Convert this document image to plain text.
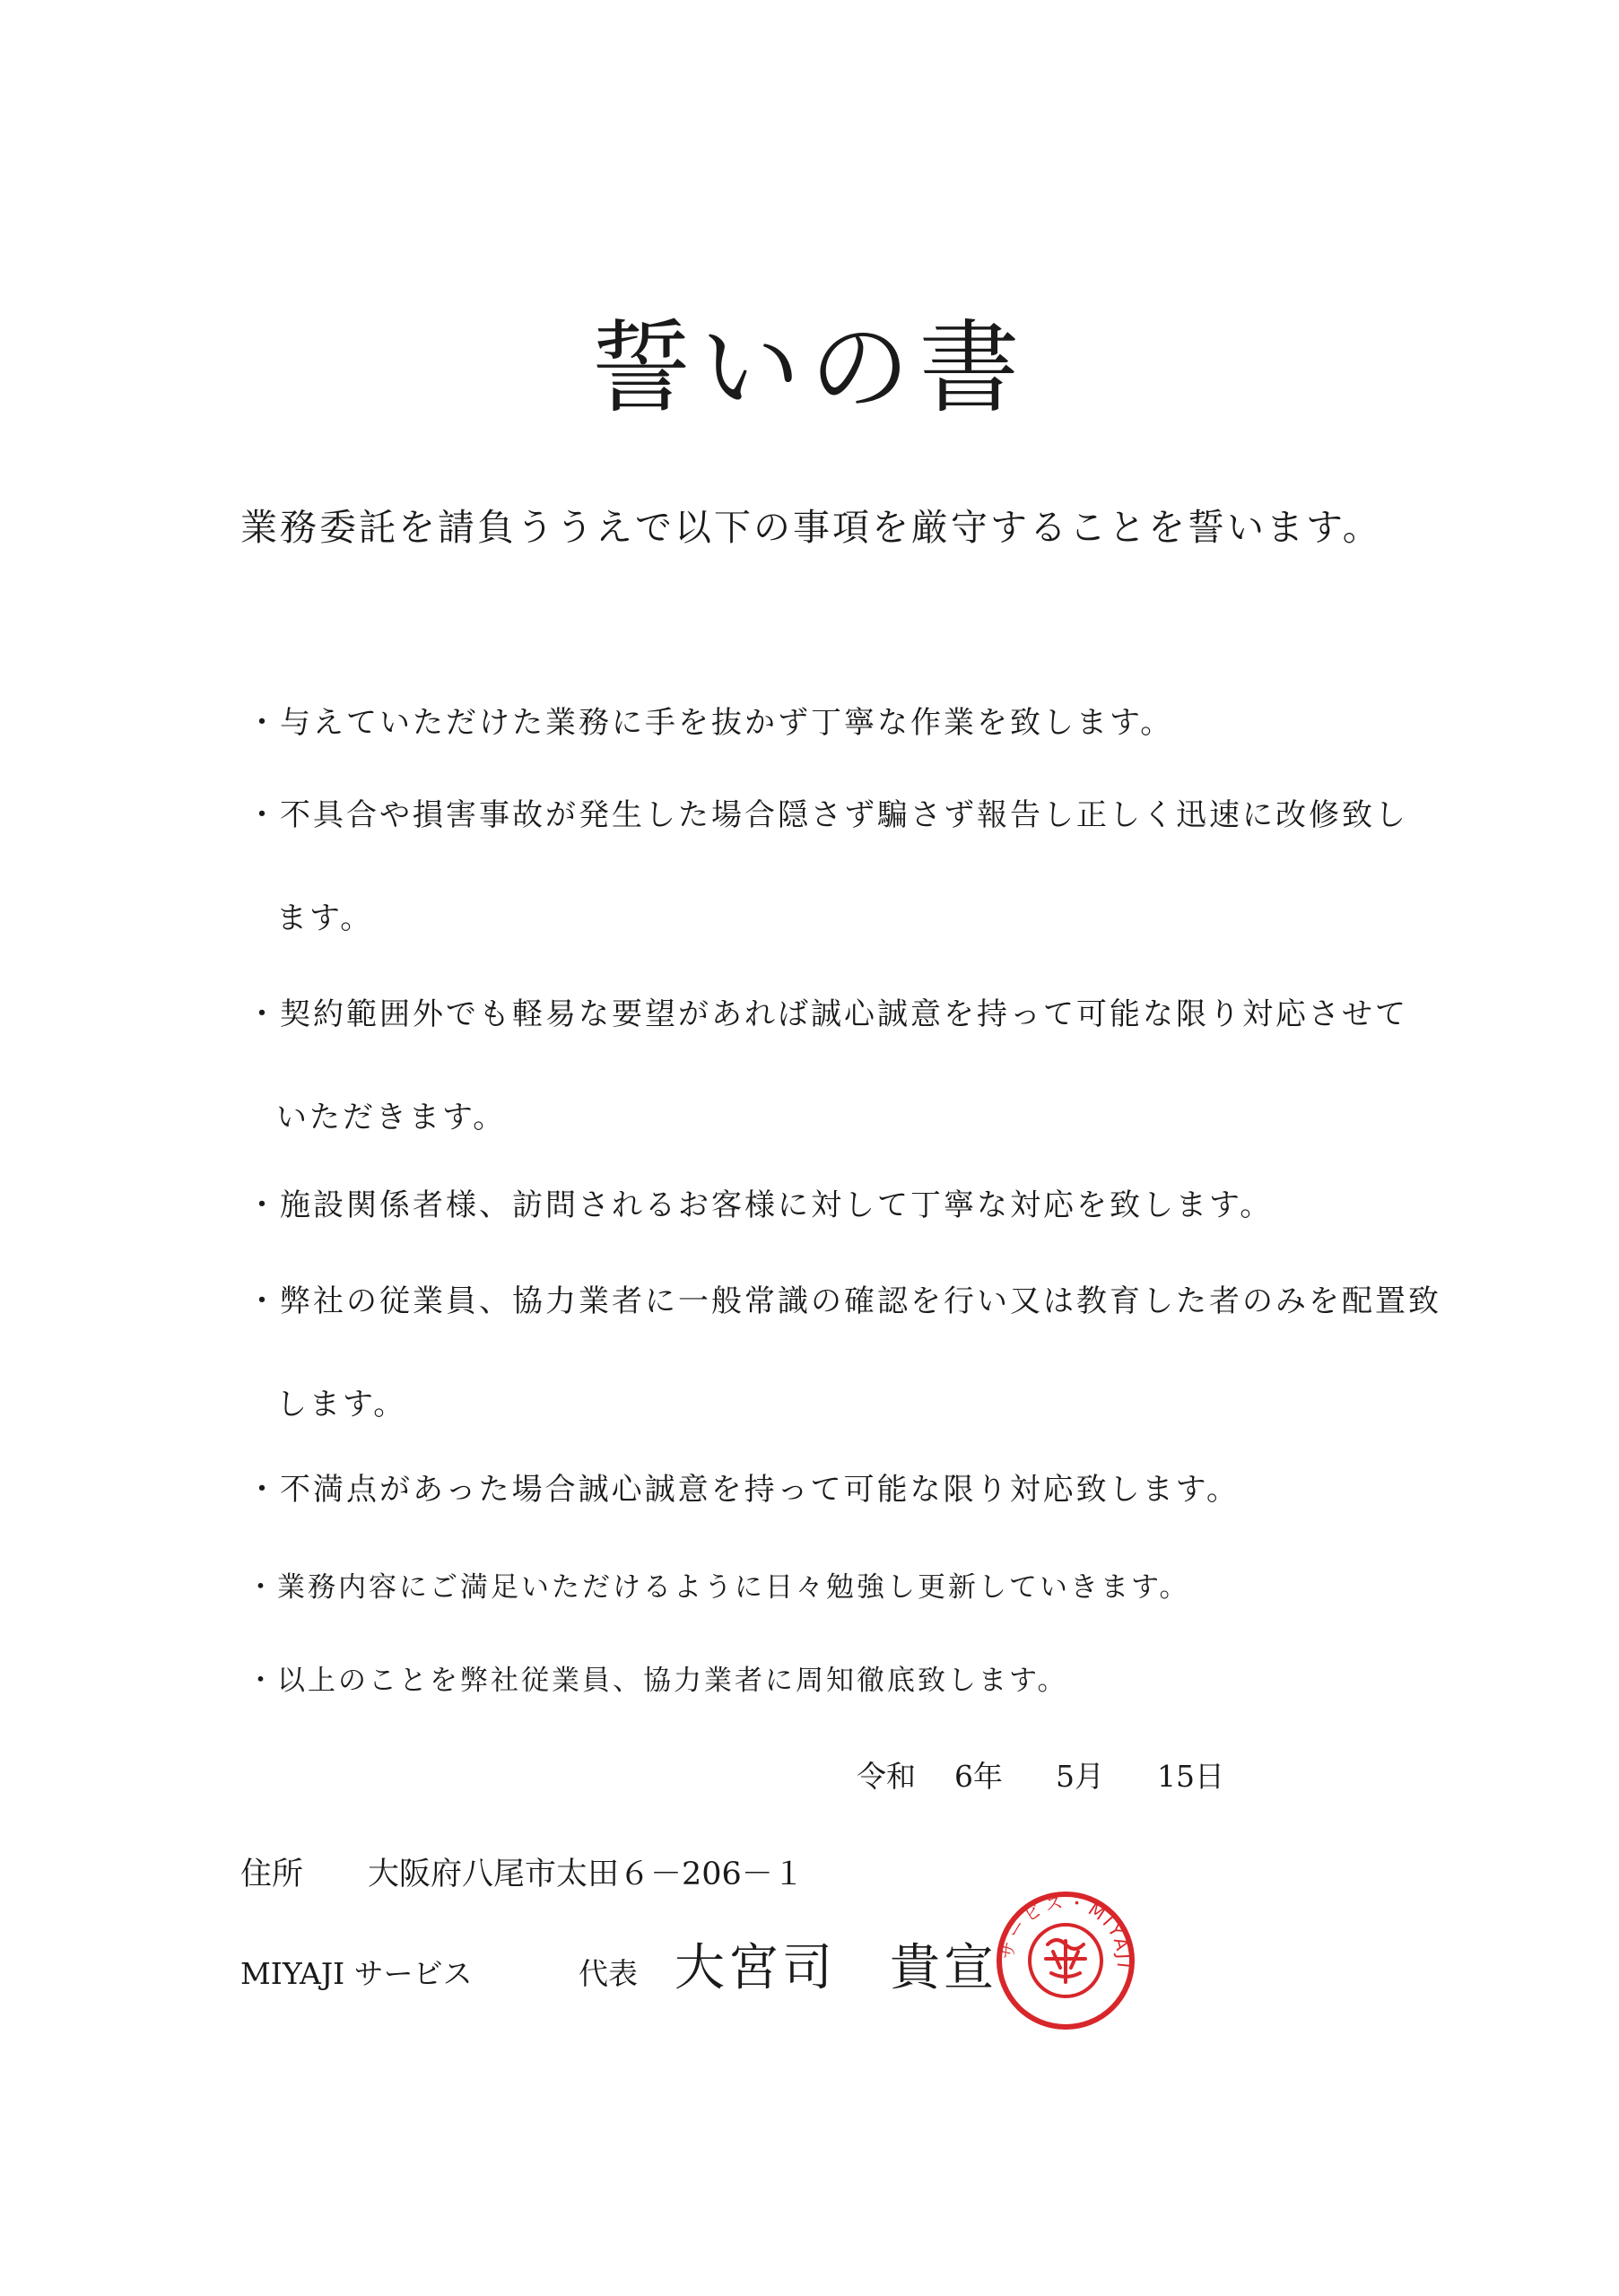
誓いの書
業務委託を請負ううえで以下の事項を厳守することを誓います。
・与えていただけた業務に手を抜かず丁寧な作業を致します。
・不具合や損害事故が発生した場合隠さず騙さず報告し正しく迅速に改修致し
ます。
・契約範囲外でも軽易な要望があれば誠心誠意を持って可能な限り対応させて
いただきます。
・施設関係者様、訪問されるお客様に対して丁寧な対応を致します。
・弊社の従業員、協力業者に一般常識の確認を行い又は教育した者のみを配置致
します。
・不満点があった場合誠心誠意を持って可能な限り対応致します。
・業務内容にご満足いただけるように日々勉強し更新していきます。
・以上のことを弊社従業員、協力業者に周知徹底致します。
令和 6年 5月 15日
住所 大阪府八尾市太田６－206－１
MIYAJI サービス	代表 大宮司　貴宣
サービス・MIYAJI
